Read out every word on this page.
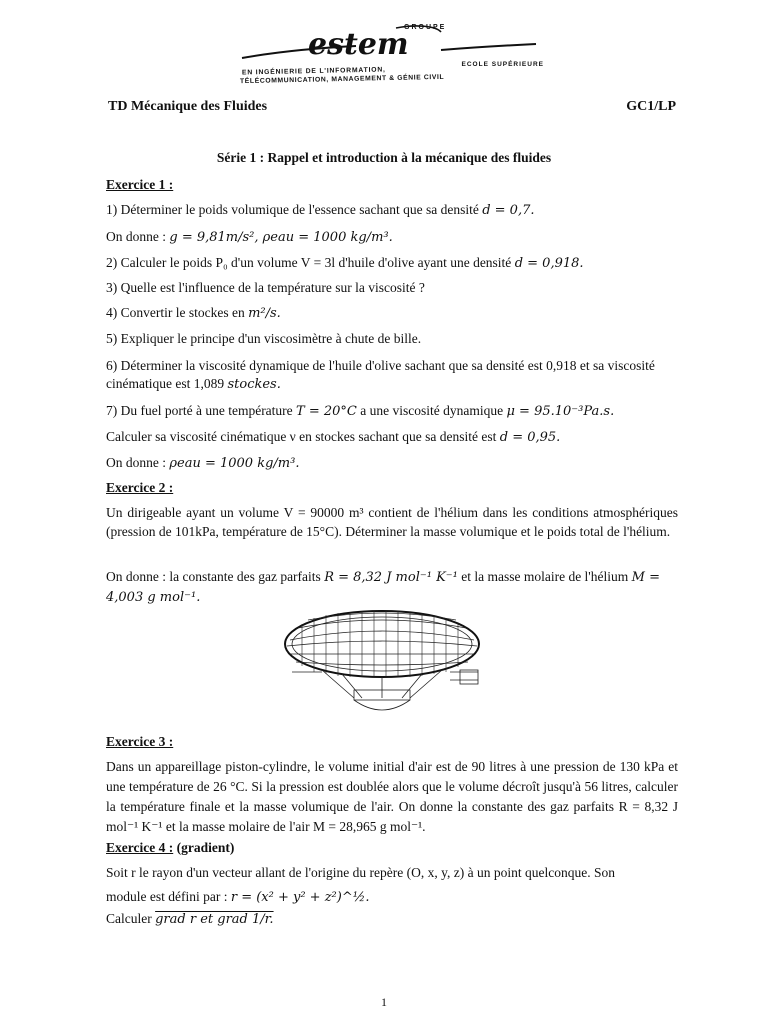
estem
GROUPE
ECOLE SUPÉRIEURE
EN INGÉNIERIE DE L'INFORMATION,
TÉLÉCOMMUNICATION, MANAGEMENT & GÉNIE CIVIL
TD Mécanique des Fluides	GC1/LP
Série 1 : Rappel et introduction à la mécanique des fluides
Exercice 1 :
1) Déterminer le poids volumique de l'essence sachant que sa densité d = 0,7.
On donne : g = 9,81m/s², ρeau = 1000 kg/m³.
2) Calculer le poids P₀ d'un volume V = 3l d'huile d'olive ayant une densité d = 0,918.
3) Quelle est l'influence de la température sur la viscosité ?
4) Convertir le stockes en m²/s.
5) Expliquer le principe d'un viscosimètre à chute de bille.
6) Déterminer la viscosité dynamique de l'huile d'olive sachant que sa densité est 0,918 et sa viscosité cinématique est 1,089 stockes.
7) Du fuel porté à une température T = 20°C a une viscosité dynamique μ = 95.10⁻³Pa.s.
Calculer sa viscosité cinématique ν en stockes sachant que sa densité est d = 0,95.
On donne : ρeau = 1000 kg/m³.
Exercice 2 :
Un dirigeable ayant un volume V = 90000 m³ contient de l'hélium dans les conditions atmosphériques (pression de 101kPa, température de 15°C). Déterminer la masse volumique et le poids total de l'hélium.
On donne : la constante des gaz parfaits R = 8,32 J mol⁻¹ K⁻¹ et la masse molaire de l'hélium M = 4,003 g mol⁻¹.
Exercice 3 :
Dans un appareillage piston-cylindre, le volume initial d'air est de 90 litres à une pression de 130 kPa et une température de 26 °C. Si la pression est doublée alors que le volume décroît jusqu'à 56 litres, calculer la température finale et la masse volumique de l'air. On donne la constante des gaz parfaits R = 8,32 J mol⁻¹ K⁻¹ et la masse molaire de l'air M = 28,965 g mol⁻¹.
Exercice 4 : (gradient)
Soit r le rayon d'un vecteur allant de l'origine du repère (O, x, y, z) à un point quelconque. Son
module est défini par : r = (x² + y² + z²)^½.
Calculer grad r et grad 1/r.
1
